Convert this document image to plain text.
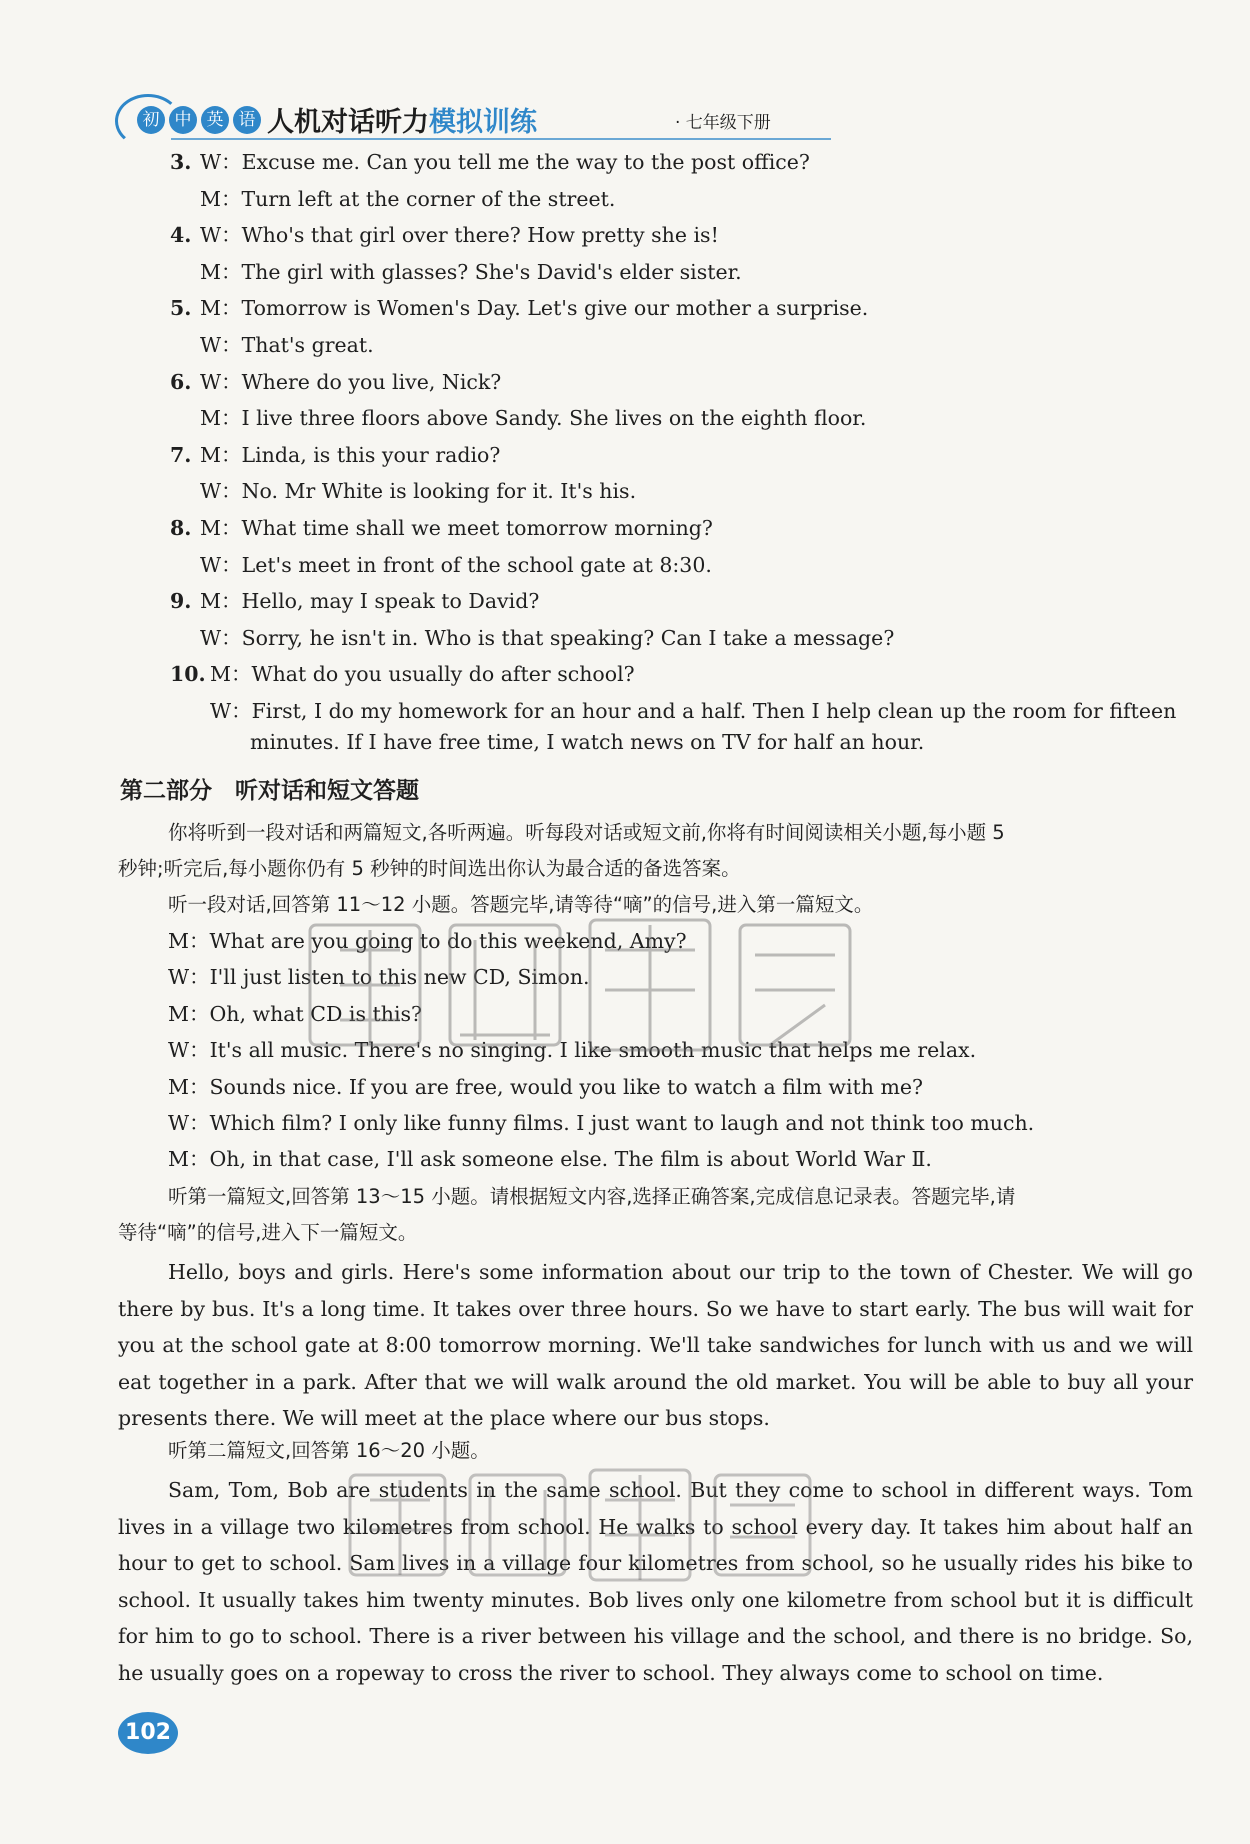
初 中 英 语 人机对话听力模拟训练	· 七年级下册
3. W：Excuse me. Can you tell me the way to the post office?
M：Turn left at the corner of the street.
4. W：Who's that girl over there? How pretty she is!
M：The girl with glasses? She's David's elder sister.
5. M：Tomorrow is Women's Day. Let's give our mother a surprise.
W：That's great.
6. W：Where do you live, Nick?
M：I live three floors above Sandy. She lives on the eighth floor.
7. M：Linda, is this your radio?
W：No. Mr White is looking for it. It's his.
8. M：What time shall we meet tomorrow morning?
W：Let's meet in front of the school gate at 8:30.
9. M：Hello, may I speak to David?
W：Sorry, he isn't in. Who is that speaking? Can I take a message?
10. M：What do you usually do after school?
W：First, I do my homework for an hour and a half. Then I help clean up the room for fifteen
minutes. If I have free time, I watch news on TV for half an hour.
第二部分　听对话和短文答题
你将听到一段对话和两篇短文,各听两遍。听每段对话或短文前,你将有时间阅读相关小题,每小题 5
秒钟;听完后,每小题你仍有 5 秒钟的时间选出你认为最合适的备选答案。
听一段对话,回答第 11～12 小题。答题完毕,请等待“嘀”的信号,进入第一篇短文。
M：What are you going to do this weekend, Amy?
W：I'll just listen to this new CD, Simon.
M：Oh, what CD is this?
W：It's all music. There's no singing. I like smooth music that helps me relax.
M：Sounds nice. If you are free, would you like to watch a film with me?
W：Which film? I only like funny films. I just want to laugh and not think too much.
M：Oh, in that case, I'll ask someone else. The film is about World War Ⅱ.
听第一篇短文,回答第 13～15 小题。请根据短文内容,选择正确答案,完成信息记录表。答题完毕,请
等待“嘀”的信号,进入下一篇短文。
Hello, boys and girls. Here's some information about our trip to the town of Chester. We will go there by bus. It's a long time. It takes over three hours. So we have to start early. The bus will wait for you at the school gate at 8:00 tomorrow morning. We'll take sandwiches for lunch with us and we will eat together in a park. After that we will walk around the old market. You will be able to buy all your presents there. We will meet at the place where our bus stops.
听第二篇短文,回答第 16～20 小题。
Sam, Tom, Bob are students in the same school. But they come to school in different ways. Tom lives in a village two kilometres from school. He walks to school every day. It takes him about half an hour to get to school. Sam lives in a village four kilometres from school, so he usually rides his bike to school. It usually takes him twenty minutes. Bob lives only one kilometre from school but it is difficult for him to go to school. There is a river between his village and the school, and there is no bridge. So, he usually goes on a ropeway to cross the river to school. They always come to school on time.
102
